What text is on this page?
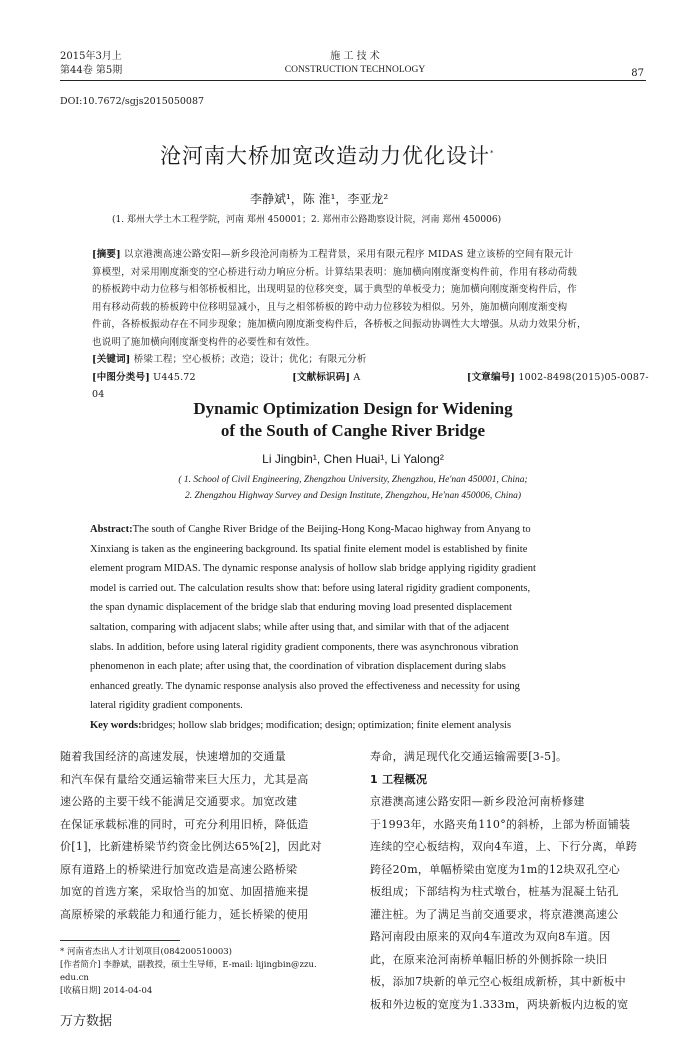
2015年3月上
第44卷 第5期
施 工 技 术
CONSTRUCTION TECHNOLOGY	87
DOI:10.7672/sgjs2015050087
沧河南大桥加宽改造动力优化设计*
李静斌¹，陈 淮¹，李亚龙²
(1. 郑州大学土木工程学院，河南 郑州 450001；2. 郑州市公路勘察设计院，河南 郑州 450006)
[摘要] 以京港澳高速公路安阳—新乡段沧河南桥为工程背景，采用有限元程序 MIDAS 建立该桥的空间有限元计
算模型，对采用刚度渐变的空心桥进行动力响应分析。计算结果表明：施加横向刚度渐变构件前，作用有移动荷载
的桥板跨中动力位移与相邻桥板相比，出现明显的位移突变，属于典型的单板受力；施加横向刚度渐变构件后，作
用有移动荷载的桥板跨中位移明显减小，且与之相邻桥板的跨中动力位移较为相似。另外，施加横向刚度渐变构
件前，各桥板振动存在不同步现象；施加横向刚度渐变构件后，各桥板之间振动协调性大大增强。从动力效果分析，
也说明了施加横向刚度渐变构件的必要性和有效性。
[关键词] 桥梁工程；空心板桥；改造；设计；优化；有限元分析
[中图分类号] U445.72	[文献标识码] A	[文章编号] 1002-8498(2015)05-0087-04
Dynamic Optimization Design for Widening
of the South of Canghe River Bridge
Li Jingbin¹, Chen Huai¹, Li Yalong²
( 1. School of Civil Engineering, Zhengzhou University, Zhengzhou, He'nan 450001, China;
2. Zhengzhou Highway Survey and Design Institute, Zhengzhou, He'nan 450006, China)
Abstract:The south of Canghe River Bridge of the Beijing-Hong Kong-Macao highway from Anyang to
Xinxiang is taken as the engineering background. Its spatial finite element model is established by finite
element program MIDAS. The dynamic response analysis of hollow slab bridge applying rigidity gradient
model is carried out. The calculation results show that: before using lateral rigidity gradient components,
the span dynamic displacement of the bridge slab that enduring moving load presented displacement
saltation, comparing with adjacent slabs; while after using that, and similar with that of the adjacent
slabs. In addition, before using lateral rigidity gradient components, there was asynchronous vibration
phenomenon in each plate; after using that, the coordination of vibration displacement during slabs
enhanced greatly. The dynamic response analysis also proved the effectiveness and necessity for using
lateral rigidity gradient components.
Key words:bridges; hollow slab bridges; modification; design; optimization; finite element analysis
随着我国经济的高速发展，快速增加的交通量
和汽车保有量给交通运输带来巨大压力，尤其是高
速公路的主要干线不能满足交通要求。加宽改建
在保证承载标准的同时，可充分利用旧桥，降低造
价[1]，比新建桥梁节约资金比例达65%[2]，因此对
原有道路上的桥梁进行加宽改造是高速公路桥梁
加宽的首选方案，采取恰当的加宽、加固措施来提
高原桥梁的承载能力和通行能力，延长桥梁的使用
* 河南省杰出人才计划项目(084200510003)
[作者简介] 李静斌，副教授，硕士生导师，E-mail: lijingbin@zzu.
edu.cn
[收稿日期] 2014-04-04
寿命，满足现代化交通运输需要[3-5]。
1 工程概况
京港澳高速公路安阳—新乡段沧河南桥修建
于1993年，水路夹角110°的斜桥，上部为桥面铺装
连续的空心板结构，双向4车道，上、下行分离，单跨
跨径20m，单幅桥梁由宽度为1m的12块双孔空心
板组成；下部结构为柱式墩台，桩基为混凝土钻孔
灌注桩。为了满足当前交通要求，将京港澳高速公
路河南段由原来的双向4车道改为双向8车道。因
此，在原来沧河南桥单幅旧桥的外侧拆除一块旧
板，添加7块新的单元空心板组成新桥，其中新板中
板和外边板的宽度为1.333m，两块新板内边板的宽
万方数据
